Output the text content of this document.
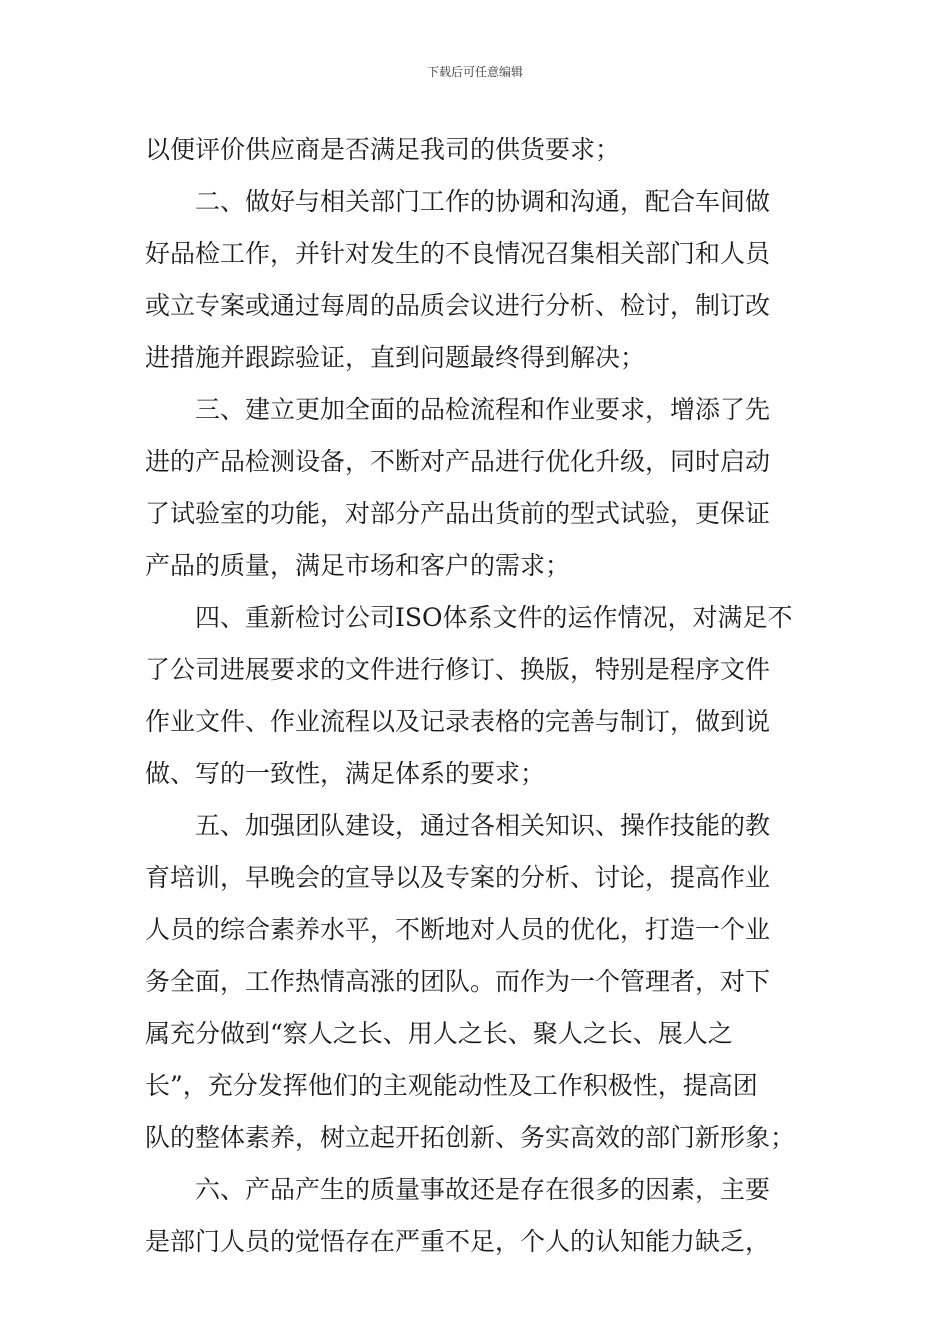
下载后可任意编辑
以便评价供应商是否满足我司的供货要求；
二、做好与相关部门工作的协调和沟通，配合车间做
好品检工作，并针对发生的不良情况召集相关部门和人员
或立专案或通过每周的品质会议进行分析、检讨，制订改
进措施并跟踪验证，直到问题最终得到解决；
三、建立更加全面的品检流程和作业要求，增添了先
进的产品检测设备，不断对产品进行优化升级，同时启动
了试验室的功能，对部分产品出货前的型式试验，更保证
产品的质量，满足市场和客户的需求；
四、重新检讨公司ISO体系文件的运作情况，对满足不
了公司进展要求的文件进行修订、换版，特别是程序文件
作业文件、作业流程以及记录表格的完善与制订，做到说
做、写的一致性，满足体系的要求；
五、加强团队建设，通过各相关知识、操作技能的教
育培训，早晚会的宣导以及专案的分析、讨论，提高作业
人员的综合素养水平，不断地对人员的优化，打造一个业
务全面，工作热情高涨的团队。而作为一个管理者，对下
属充分做到“察人之长、用人之长、聚人之长、展人之
长”，充分发挥他们的主观能动性及工作积极性，提高团
队的整体素养，树立起开拓创新、务实高效的部门新形象；
六、产品产生的质量事故还是存在很多的因素，主要
是部门人员的觉悟存在严重不足，个人的认知能力缺乏，
